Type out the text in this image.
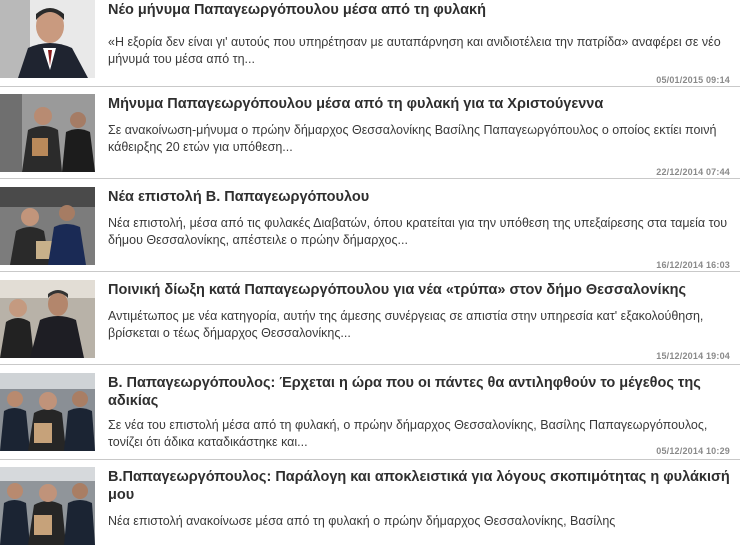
Νέο μήνυμα Παπαγεωργόπουλου μέσα από τη φυλακή
«Η εξορία δεν είναι γι' αυτούς που υπηρέτησαν με αυταπάρνηση και ανιδιοτέλεια την πατρίδα» αναφέρει σε νέο μήνυμά του μέσα από τη...
05/01/2015 09:14
Μήνυμα Παπαγεωργόπουλου μέσα από τη φυλακή για τα Χριστούγεννα
Σε ανακοίνωση-μήνυμα ο πρώην δήμαρχος Θεσσαλονίκης Βασίλης Παπαγεωργόπουλος ο οποίος εκτίει ποινή κάθειρξης 20 ετών για υπόθεση...
22/12/2014 07:44
Νέα επιστολή Β. Παπαγεωργόπουλου
Νέα επιστολή, μέσα από τις φυλακές Διαβατών, όπου κρατείται για την υπόθεση της υπεξαίρεσης στα ταμεία του δήμου Θεσσαλονίκης, απέστειλε ο πρώην δήμαρχος...
16/12/2014 16:03
Ποινική δίωξη κατά Παπαγεωργόπουλου για νέα «τρύπα» στον δήμο Θεσσαλονίκης
Αντιμέτωπος με νέα κατηγορία, αυτήν της άμεσης συνέργειας σε απιστία στην υπηρεσία κατ' εξακολούθηση, βρίσκεται ο τέως δήμαρχος Θεσσαλονίκης...
15/12/2014 19:04
Β. Παπαγεωργόπουλος: Έρχεται η ώρα που οι πάντες θα αντιληφθούν το μέγεθος της αδικίας
Σε νέα του επιστολή μέσα από τη φυλακή, ο πρώην δήμαρχος Θεσσαλονίκης, Βασίλης Παπαγεωργόπουλος, τονίζει ότι άδικα καταδικάστηκε και...
05/12/2014 10:29
Β.Παπαγεωργόπουλος: Παράλογη και αποκλειστικά για λόγους σκοπιμότητας η φυλάκισή μου
Νέα επιστολή ανακοίνωσε μέσα από τη φυλακή ο πρώην δήμαρχος Θεσσαλονίκης, Βασίλης
